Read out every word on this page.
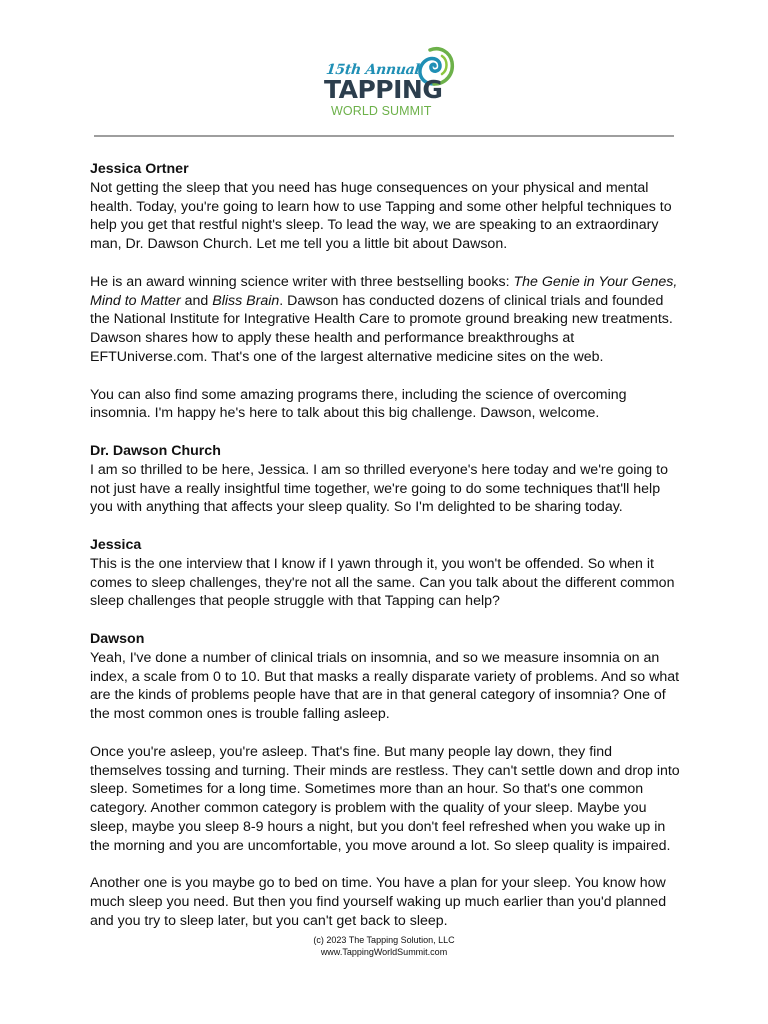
15th Annual
TAPPING
WORLD SUMMIT

Jessica Ortner

Not getting the sleep that you need has huge consequences on your physical and mental health. Today, you're going to learn how to use Tapping and some other helpful techniques to help you get that restful night's sleep. To lead the way, we are speaking to an extraordinary man, Dr. Dawson Church. Let me tell you a little bit about Dawson.

He is an award winning science writer with three bestselling books: The Genie in Your Genes, Mind to Matter and Bliss Brain. Dawson has conducted dozens of clinical trials and founded the National Institute for Integrative Health Care to promote ground breaking new treatments. Dawson shares how to apply these health and performance breakthroughs at EFTUniverse.com. That's one of the largest alternative medicine sites on the web.

You can also find some amazing programs there, including the science of overcoming insomnia. I'm happy he's here to talk about this big challenge. Dawson, welcome.

Dr. Dawson Church

I am so thrilled to be here, Jessica. I am so thrilled everyone's here today and we're going to not just have a really insightful time together, we're going to do some techniques that'll help you with anything that affects your sleep quality. So I'm delighted to be sharing today.

Jessica

This is the one interview that I know if I yawn through it, you won't be offended. So when it comes to sleep challenges, they're not all the same. Can you talk about the different common sleep challenges that people struggle with that Tapping can help?

Dawson

Yeah, I've done a number of clinical trials on insomnia, and so we measure insomnia on an index, a scale from 0 to 10. But that masks a really disparate variety of problems. And so what are the kinds of problems people have that are in that general category of insomnia? One of the most common ones is trouble falling asleep.

Once you're asleep, you're asleep. That's fine. But many people lay down, they find themselves tossing and turning. Their minds are restless. They can't settle down and drop into sleep. Sometimes for a long time. Sometimes more than an hour. So that's one common category. Another common category is problem with the quality of your sleep. Maybe you sleep, maybe you sleep 8-9 hours a night, but you don't feel refreshed when you wake up in the morning and you are uncomfortable, you move around a lot. So sleep quality is impaired.

Another one is you maybe go to bed on time. You have a plan for your sleep. You know how much sleep you need. But then you find yourself waking up much earlier than you'd planned and you try to sleep later, but you can't get back to sleep.

(c) 2023 The Tapping Solution, LLC
www.TappingWorldSummit.com
